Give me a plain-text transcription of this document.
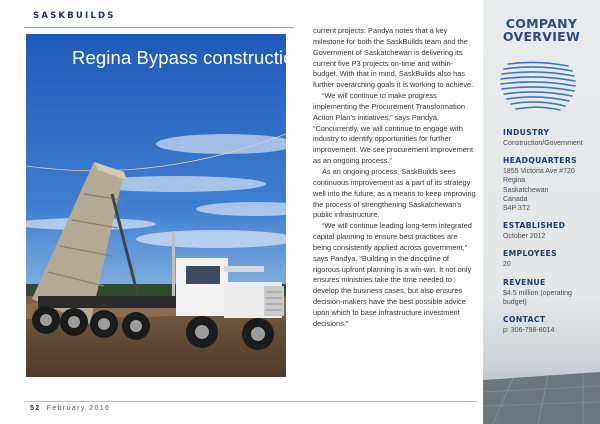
SASKBUILDS
Regina Bypass construction

current projects: Pandya notes that a key milestone for both the SaskBuilds team and the Government of Saskatchewan is delivering its current five P3 projects on-time and within-budget. With that in mind, SaskBuilds also has further overarching goals it is working to achieve.

“We will continue to make progress implementing the Procurement Transformation Action Plan’s initiatives,” says Pandya. “Concurrently, we will continue to engage with industry to identify opportunities for further improvement. We see procurement improvement as an ongoing process.”

As an ongoing process, SaskBuilds sees continuous improvement as a part of its strategy well into the future, as a means to keep improving the process of strengthening Saskatchewan’s public infrastructure.

“We will continue leading long-term integrated capital planning to ensure best practices are being consistently applied across government,” says Pandya. “Building in the discipline of rigorous upfront planning is a win-win. It not only ensures ministries take the time needed to develop the business cases, but also ensures decision-makers have the best possible advice upon which to base infrastructure investment decisions.”

52 February 2016
COMPANY
OVERVIEW
INDUSTRY
Construction/Government
HEADQUARTERS
1855 Victoria Ave #720
Regina
Saskatchewan
Canada
S4P 3T2
ESTABLISHED
October 2012
EMPLOYEES
20
REVENUE
$4.5 million (operating
budget)
CONTACT
p: 306-798-8014
